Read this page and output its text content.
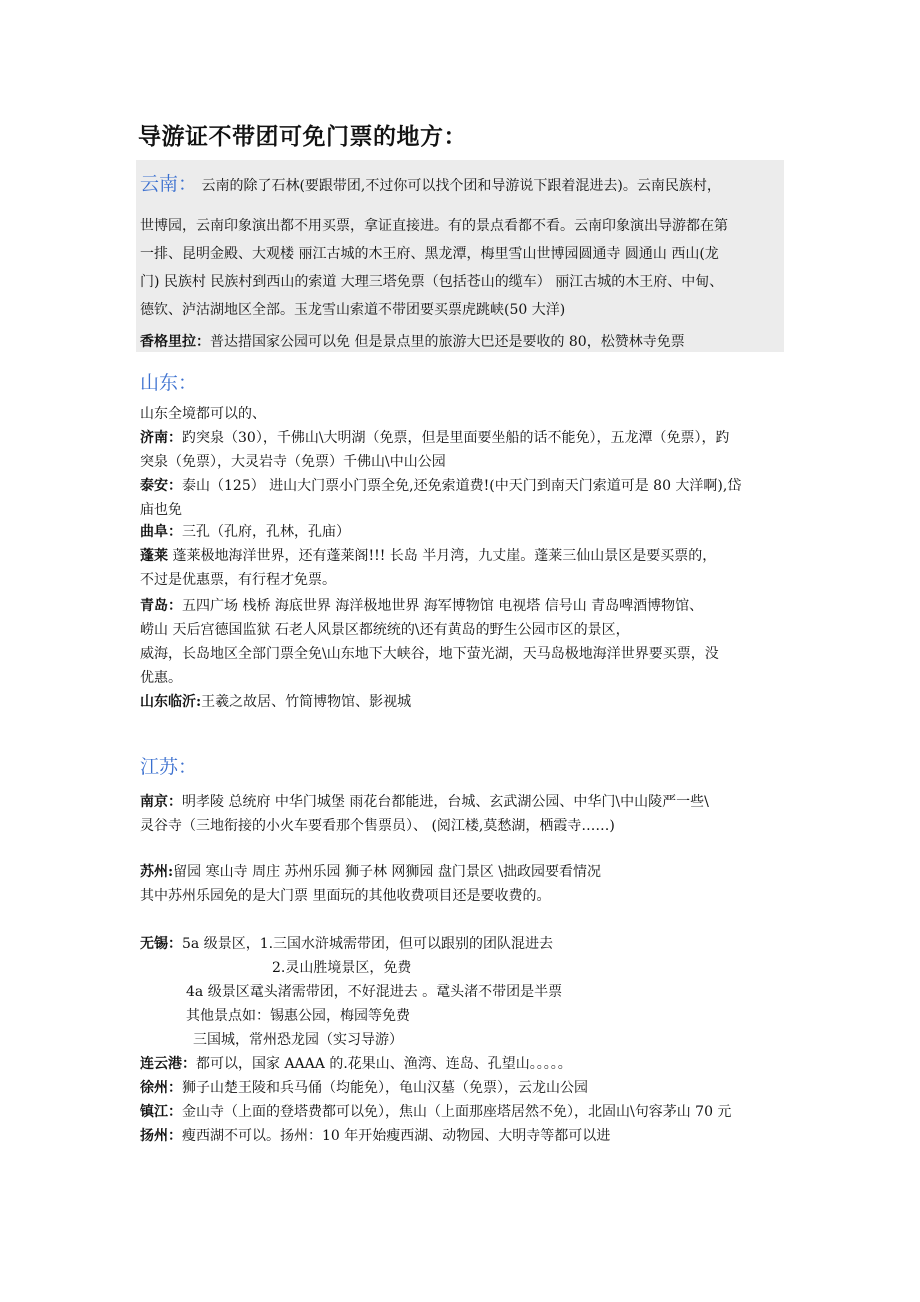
导游证不带团可免门票的地方：
云南： 云南的除了石林(要跟带团,不过你可以找个团和导游说下跟着混进去)。云南民族村，

世博园，云南印象演出都不用买票，拿证直接进。有的景点看都不看。云南印象演出导游都在第

一排、昆明金殿、大观楼 丽江古城的木王府、黑龙潭，梅里雪山世博园圆通寺 圆通山 西山(龙

门) 民族村 民族村到西山的索道 大理三塔免票（包括苍山的缆车） 丽江古城的木王府、中甸、

德钦、泸沽湖地区全部。玉龙雪山索道不带团要买票虎跳峡(50 大洋)

香格里拉：普达措国家公园可以免 但是景点里的旅游大巴还是要收的 80，松赞林寺免票

山东：

山东全境都可以的、

济南：趵突泉（30），千佛山\大明湖（免票，但是里面要坐船的话不能免），五龙潭（免票），趵

突泉（免票），大灵岩寺（免票）千佛山\中山公园

泰安：泰山（125） 进山大门票小门票全免,还免索道费!(中天门到南天门索道可是 80 大洋啊),岱

庙也免

曲阜：三孔（孔府，孔林，孔庙）

蓬莱 蓬莱极地海洋世界，还有蓬莱阁!!! 长岛 半月湾，九丈崖。蓬莱三仙山景区是要买票的，

不过是优惠票，有行程才免票。

青岛：五四广场 栈桥 海底世界 海洋极地世界 海军博物馆 电视塔 信号山 青岛啤酒博物馆、

崂山 天后宫德国监狱 石老人风景区都统统的\还有黄岛的野生公园市区的景区，

威海，长岛地区全部门票全免\山东地下大峡谷，地下萤光湖，天马岛极地海洋世界要买票，没

优惠。

山东临沂:王羲之故居、竹简博物馆、影视城

江苏：

南京：明孝陵 总统府 中华门城堡 雨花台都能进，台城、玄武湖公园、中华门\中山陵严一些\

灵谷寺（三地衔接的小火车要看那个售票员）、 (阅江楼,莫愁湖，栖霞寺……)

苏州:留园 寒山寺 周庄 苏州乐园 狮子林 网狮园 盘门景区 \拙政园要看情况

其中苏州乐园免的是大门票 里面玩的其他收费项目还是要收费的。

无锡：5a 级景区，1.三国水浒城需带团，但可以跟别的团队混进去

2.灵山胜境景区，免费

4a 级景区鼋头渚需带团，不好混进去 。鼋头渚不带团是半票

其他景点如：锡惠公园，梅园等免费

三国城，常州恐龙园（实习导游）

连云港：都可以，国家 AAAA 的.花果山、渔湾、连岛、孔望山。。。。。

徐州：狮子山楚王陵和兵马俑（均能免），龟山汉墓（免票），云龙山公园

镇江：金山寺（上面的登塔费都可以免），焦山（上面那座塔居然不免），北固山\句容茅山 70 元

扬州：瘦西湖不可以。扬州：10 年开始瘦西湖、动物园、大明寺等都可以进
